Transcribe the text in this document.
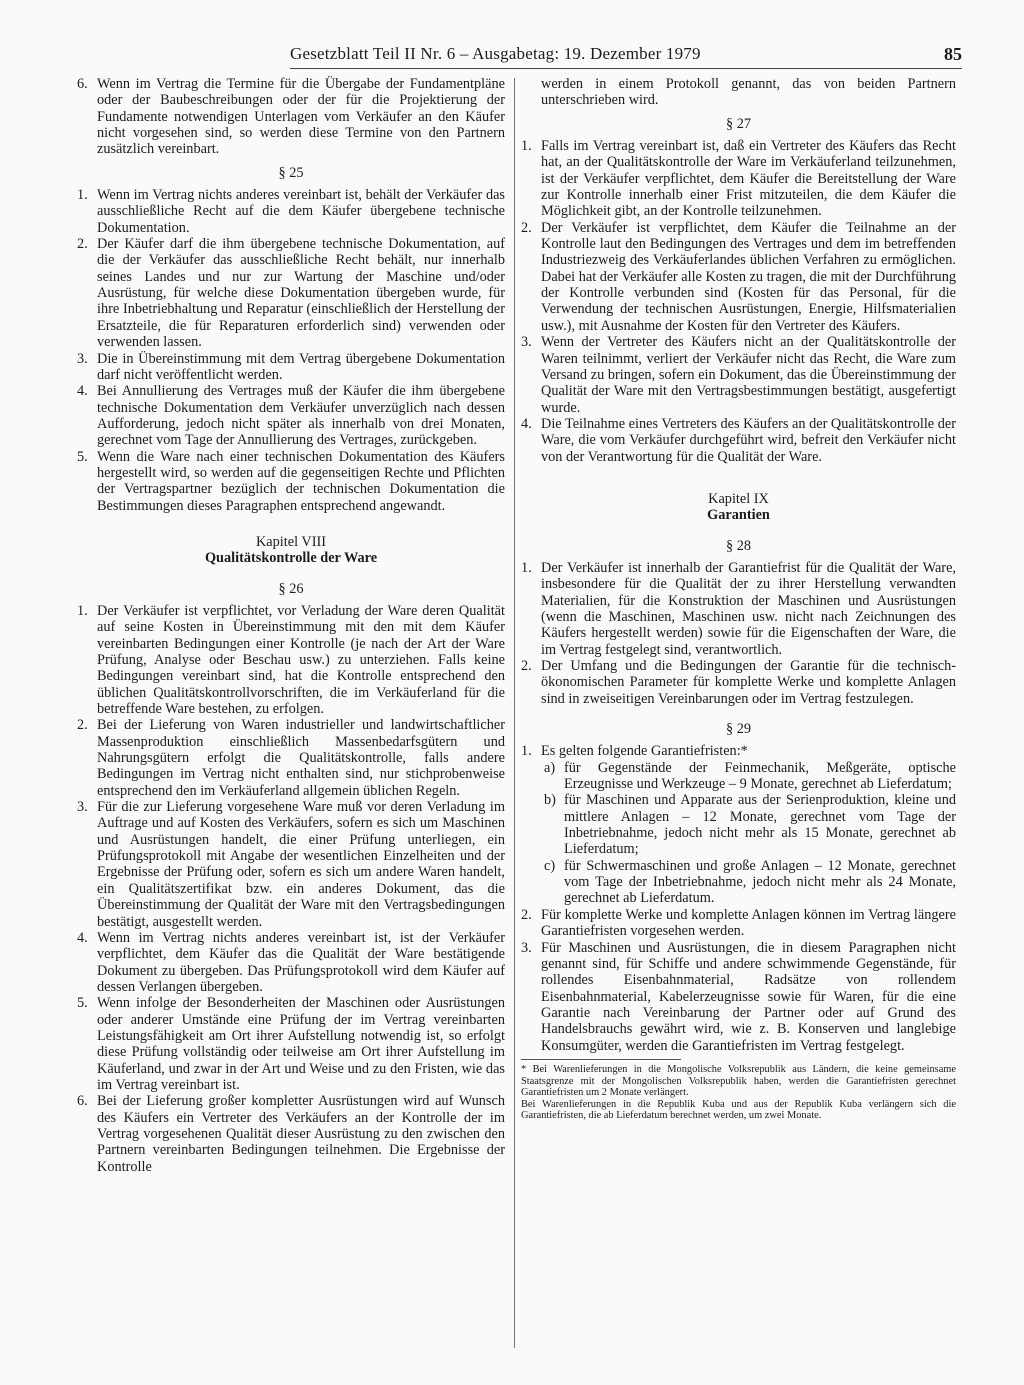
Gesetzblatt Teil II Nr. 6 – Ausgabetag: 19. Dezember 1979	85
6. Wenn im Vertrag die Termine für die Übergabe der Fundamentpläne oder der Baubeschreibungen oder der für die Projektierung der Fundamente notwendigen Unterlagen vom Verkäufer an den Käufer nicht vorgesehen sind, so werden diese Termine von den Partnern zusätzlich vereinbart.
§ 25
1. Wenn im Vertrag nichts anderes vereinbart ist, behält der Verkäufer das ausschließliche Recht auf die dem Käufer übergebene technische Dokumentation.
2. Der Käufer darf die ihm übergebene technische Dokumentation, auf die der Verkäufer das ausschließliche Recht behält, nur innerhalb seines Landes und nur zur Wartung der Maschine und/oder Ausrüstung, für welche diese Dokumentation übergeben wurde, für ihre Inbetriebhaltung und Reparatur (einschließlich der Herstellung der Ersatzteile, die für Reparaturen erforderlich sind) verwenden oder verwenden lassen.
3. Die in Übereinstimmung mit dem Vertrag übergebene Dokumentation darf nicht veröffentlicht werden.
4. Bei Annullierung des Vertrages muß der Käufer die ihm übergebene technische Dokumentation dem Verkäufer unverzüglich nach dessen Aufforderung, jedoch nicht später als innerhalb von drei Monaten, gerechnet vom Tage der Annullierung des Vertrages, zurückgeben.
5. Wenn die Ware nach einer technischen Dokumentation des Käufers hergestellt wird, so werden auf die gegenseitigen Rechte und Pflichten der Vertragspartner bezüglich der technischen Dokumentation die Bestimmungen dieses Paragraphen entsprechend angewandt.
Kapitel VIII
Qualitätskontrolle der Ware
§ 26
1. Der Verkäufer ist verpflichtet, vor Verladung der Ware deren Qualität auf seine Kosten in Übereinstimmung mit den mit dem Käufer vereinbarten Bedingungen einer Kontrolle (je nach der Art der Ware Prüfung, Analyse oder Beschau usw.) zu unterziehen. Falls keine Bedingungen vereinbart sind, hat die Kontrolle entsprechend den üblichen Qualitätskontrollvorschriften, die im Verkäuferland für die betreffende Ware bestehen, zu erfolgen.
2. Bei der Lieferung von Waren industrieller und landwirtschaftlicher Massenproduktion einschließlich Massenbedarfsgütern und Nahrungsgütern erfolgt die Qualitätskontrolle, falls andere Bedingungen im Vertrag nicht enthalten sind, nur stichprobenweise entsprechend den im Verkäuferland allgemein üblichen Regeln.
3. Für die zur Lieferung vorgesehene Ware muß vor deren Verladung im Auftrage und auf Kosten des Verkäufers, sofern es sich um Maschinen und Ausrüstungen handelt, die einer Prüfung unterliegen, ein Prüfungsprotokoll mit Angabe der wesentlichen Einzelheiten und der Ergebnisse der Prüfung oder, sofern es sich um andere Waren handelt, ein Qualitätszertifikat bzw. ein anderes Dokument, das die Übereinstimmung der Qualität der Ware mit den Vertragsbedingungen bestätigt, ausgestellt werden.
4. Wenn im Vertrag nichts anderes vereinbart ist, ist der Verkäufer verpflichtet, dem Käufer das die Qualität der Ware bestätigende Dokument zu übergeben. Das Prüfungsprotokoll wird dem Käufer auf dessen Verlangen übergeben.
5. Wenn infolge der Besonderheiten der Maschinen oder Ausrüstungen oder anderer Umstände eine Prüfung der im Vertrag vereinbarten Leistungsfähigkeit am Ort ihrer Aufstellung notwendig ist, so erfolgt diese Prüfung vollständig oder teilweise am Ort ihrer Aufstellung im Käuferland, und zwar in der Art und Weise und zu den Fristen, wie das im Vertrag vereinbart ist.
6. Bei der Lieferung großer kompletter Ausrüstungen wird auf Wunsch des Käufers ein Vertreter des Verkäufers an der Kontrolle der im Vertrag vorgesehenen Qualität dieser Ausrüstung zu den zwischen den Partnern vereinbarten Bedingungen teilnehmen. Die Ergebnisse der Kontrolle
werden in einem Protokoll genannt, das von beiden Partnern unterschrieben wird.
§ 27
1. Falls im Vertrag vereinbart ist, daß ein Vertreter des Käufers das Recht hat, an der Qualitätskontrolle der Ware im Verkäuferland teilzunehmen, ist der Verkäufer verpflichtet, dem Käufer die Bereitstellung der Ware zur Kontrolle innerhalb einer Frist mitzuteilen, die dem Käufer die Möglichkeit gibt, an der Kontrolle teilzunehmen.
2. Der Verkäufer ist verpflichtet, dem Käufer die Teilnahme an der Kontrolle laut den Bedingungen des Vertrages und dem im betreffenden Industriezweig des Verkäuferlandes üblichen Verfahren zu ermöglichen. Dabei hat der Verkäufer alle Kosten zu tragen, die mit der Durchführung der Kontrolle verbunden sind (Kosten für das Personal, für die Verwendung der technischen Ausrüstungen, Energie, Hilfsmaterialien usw.), mit Ausnahme der Kosten für den Vertreter des Käufers.
3. Wenn der Vertreter des Käufers nicht an der Qualitätskontrolle der Waren teilnimmt, verliert der Verkäufer nicht das Recht, die Ware zum Versand zu bringen, sofern ein Dokument, das die Übereinstimmung der Qualität der Ware mit den Vertragsbestimmungen bestätigt, ausgefertigt wurde.
4. Die Teilnahme eines Vertreters des Käufers an der Qualitätskontrolle der Ware, die vom Verkäufer durchgeführt wird, befreit den Verkäufer nicht von der Verantwortung für die Qualität der Ware.
Kapitel IX
Garantien
§ 28
1. Der Verkäufer ist innerhalb der Garantiefrist für die Qualität der Ware, insbesondere für die Qualität der zu ihrer Herstellung verwandten Materialien, für die Konstruktion der Maschinen und Ausrüstungen (wenn die Maschinen, Maschinen usw. nicht nach Zeichnungen des Käufers hergestellt werden) sowie für die Eigenschaften der Ware, die im Vertrag festgelegt sind, verantwortlich.
2. Der Umfang und die Bedingungen der Garantie für die technisch-ökonomischen Parameter für komplette Werke und komplette Anlagen sind in zweiseitigen Vereinbarungen oder im Vertrag festzulegen.
§ 29
1. Es gelten folgende Garantiefristen:*
a) für Gegenstände der Feinmechanik, Meßgeräte, optische Erzeugnisse und Werkzeuge – 9 Monate, gerechnet ab Lieferdatum;
b) für Maschinen und Apparate aus der Serienproduktion, kleine und mittlere Anlagen – 12 Monate, gerechnet vom Tage der Inbetriebnahme, jedoch nicht mehr als 15 Monate, gerechnet ab Lieferdatum;
c) für Schwermaschinen und große Anlagen – 12 Monate, gerechnet vom Tage der Inbetriebnahme, jedoch nicht mehr als 24 Monate, gerechnet ab Lieferdatum.
2. Für komplette Werke und komplette Anlagen können im Vertrag längere Garantiefristen vorgesehen werden.
3. Für Maschinen und Ausrüstungen, die in diesem Paragraphen nicht genannt sind, für Schiffe und andere schwimmende Gegenstände, für rollendes Eisenbahnmaterial, Radsätze von rollendem Eisenbahnmaterial, Kabelerzeugnisse sowie für Waren, für die eine Garantie nach Vereinbarung der Partner oder auf Grund des Handelsbrauchs gewährt wird, wie z. B. Konserven und langlebige Konsumgüter, werden die Garantiefristen im Vertrag festgelegt.
* Bei Warenlieferungen in die Mongolische Volksrepublik aus Ländern, die keine gemeinsame Staatsgrenze mit der Mongolischen Volksrepublik haben, werden die Garantiefristen gerechnet Garantiefristen um 2 Monate verlängert.
Bei Warenlieferungen in die Republik Kuba und aus der Republik Kuba verlängern sich die Garantiefristen, die ab Lieferdatum berechnet werden, um zwei Monate.
